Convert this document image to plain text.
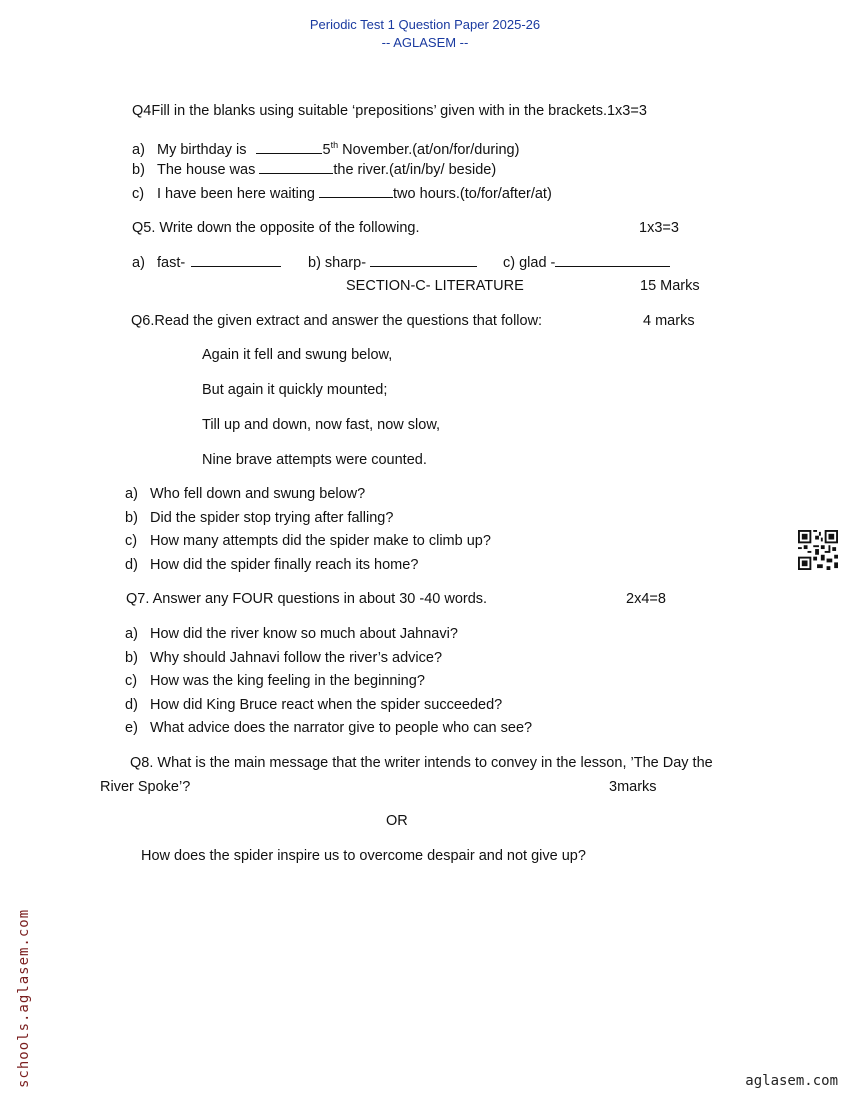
Periodic Test 1 Question Paper 2025-26
-- AGLASEM --
Q4Fill in the blanks using suitable ‘prepositions’ given with in the brackets.1x3=3
a) My birthday is	5th November.(at/on/for/during)
b) The house was	the river.(at/in/by/ beside)
c) I have been here waiting	two hours.(to/for/after/at)
Q5. Write down the opposite of the following.	1x3=3
a) fast-	b) sharp-	c) glad -
SECTION-C- LITERATURE	15 Marks
Q6.Read the given extract and answer the questions that follow:	4 marks
Again it fell and swung below,
But again it quickly mounted;
Till up and down, now fast, now slow,
Nine brave attempts were counted.
a) Who fell down and swung below?
b) Did the spider stop trying after falling?
c) How many attempts did the spider make to climb up?
d) How did the spider finally reach its home?
Q7. Answer any FOUR questions in about 30 -40 words.	2x4=8
a) How did the river know so much about Jahnavi?
b) Why should Jahnavi follow the river’s advice?
c) How was the king feeling in the beginning?
d) How did King Bruce react when the spider succeeded?
e) What advice does the narrator give to people who can see?
Q8. What is the main message that the writer intends to convey in the lesson, ’The Day the
River Spoke’?	3marks
OR
How does the spider inspire us to overcome despair and not give up?
schools.aglasem.com	aglasem.com
